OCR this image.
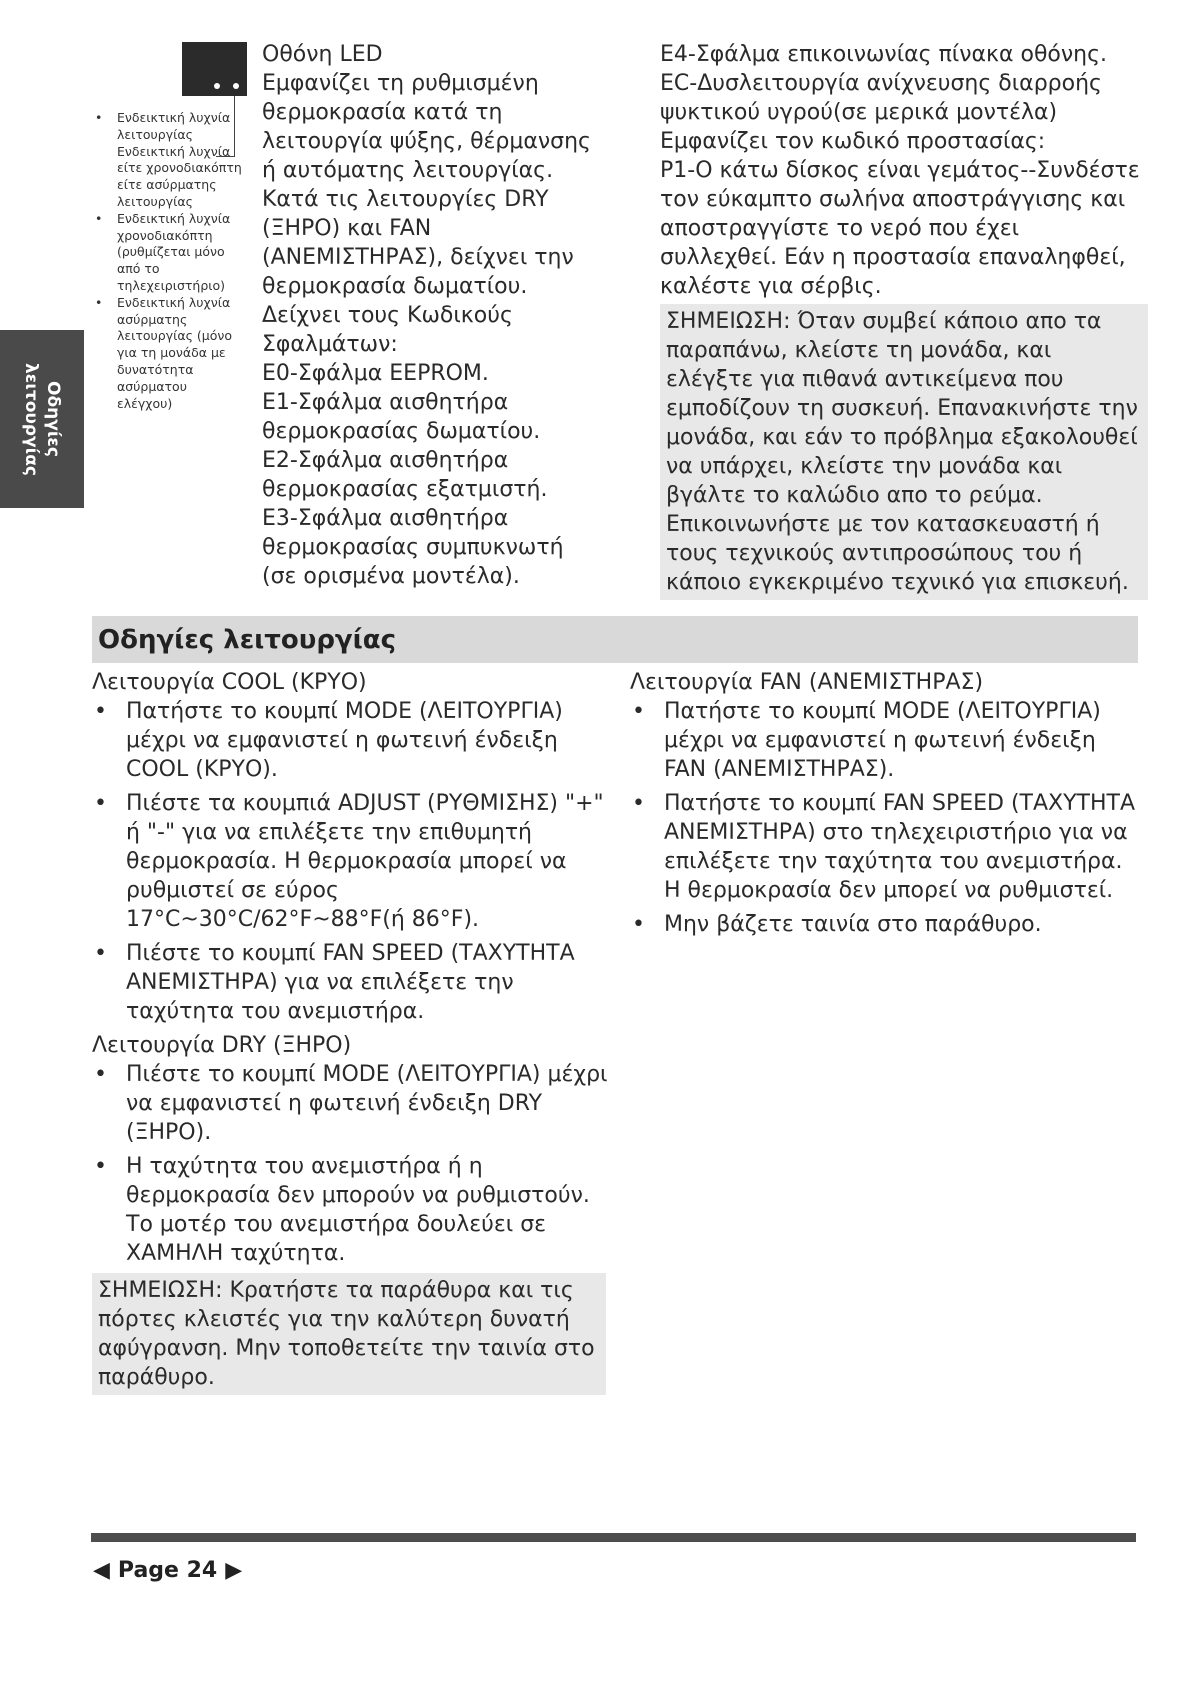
Οδηγίες
λειτουργίας
• Ενδεικτική λυχνία λειτουργίας Ενδεικτική λυχνία είτε χρονοδιακόπτη είτε ασύρματης λειτουργίας
• Ενδεικτική λυχνία χρονοδιακόπτη (ρυθμίζεται μόνο από το τηλεχειριστήριο)
• Ενδεικτική λυχνία ασύρματης λειτουργίας (μόνο για τη μονάδα με δυνατότητα ασύρματου ελέγχου)

Οθόνη LED
Εμφανίζει τη ρυθμισμένη θερμοκρασία κατά τη λειτουργία ψύξης, θέρμανσης ή αυτόματης λειτουργίας. Κατά τις λειτουργίες DRY (ΞΗΡΟ) και FAN (ΑΝΕΜΙΣΤΗΡΑΣ), δείχνει την θερμοκρασία δωματίου. Δείχνει τους Κωδικούς Σφαλμάτων:
E0-Σφάλμα EEPROM.
E1-Σφάλμα αισθητήρα θερμοκρασίας δωματίου.
E2-Σφάλμα αισθητήρα θερμοκρασίας εξατμιστή.
E3-Σφάλμα αισθητήρα θερμοκρασίας συμπυκνωτή (σε ορισμένα μοντέλα).

E4-Σφάλμα επικοινωνίας πίνακα οθόνης.
EC-Δυσλειτουργία ανίχνευσης διαρροής ψυκτικού υγρού(σε μερικά μοντέλα)
Εμφανίζει τον κωδικό προστασίας:
P1-Ο κάτω δίσκος είναι γεμάτος--Συνδέστε τον εύκαμπτο σωλήνα αποστράγγισης και αποστραγγίστε το νερό που έχει συλλεχθεί. Εάν η προστασία επαναληφθεί, καλέστε για σέρβις.

ΣΗΜΕΙΩΣΗ: Όταν συμβεί κάποιο απο τα παραπάνω, κλείστε τη μονάδα, και ελέγξτε για πιθανά αντικείμενα που εμποδίζουν τη συσκευή. Επανακινήστε την μονάδα, και εάν το πρόβλημα εξακολουθεί να υπάρχει, κλείστε την μονάδα και βγάλτε το καλώδιο απο το ρεύμα. Επικοινωνήστε με τον κατασκευαστή ή τους τεχνικούς αντιπροσώπους του ή κάποιο εγκεκριμένο τεχνικό για επισκευή.

Οδηγίες λειτουργίας

Λειτουργία COOL (ΚΡΥΟ)

• Πατήστε το κουμπί MODE (ΛΕΙΤΟΥΡΓΙΑ) μέχρι να εμφανιστεί η φωτεινή ένδειξη COOL (ΚΡΥΟ).
• Πιέστε τα κουμπιά ADJUST (ΡΥΘΜΙΣΗΣ) "+" ή "-" για να επιλέξετε την επιθυμητή θερμοκρασία. Η θερμοκρασία μπορεί να ρυθμιστεί σε εύρος 17°C~30°C/62°F~88°F(ή 86°F).
• Πιέστε το κουμπί FAN SPEED (ΤΑΧΥΤΗΤΑ ΑΝΕΜΙΣΤΗΡΑ) για να επιλέξετε την ταχύτητα του ανεμιστήρα.

Λειτουργία DRY (ΞΗΡΟ)

• Πιέστε το κουμπί MODE (ΛΕΙΤΟΥΡΓΙΑ) μέχρι να εμφανιστεί η φωτεινή ένδειξη DRY (ΞΗΡΟ).
• Η ταχύτητα του ανεμιστήρα ή η θερμοκρασία δεν μπορούν να ρυθμιστούν. Το μοτέρ του ανεμιστήρα δουλεύει σε ΧΑΜΗΛΗ ταχύτητα.

ΣΗΜΕΙΩΣΗ: Κρατήστε τα παράθυρα και τις πόρτες κλειστές για την καλύτερη δυνατή αφύγρανση. Μην τοποθετείτε την ταινία στο παράθυρο.

Λειτουργία FAN (ΑΝΕΜΙΣΤΗΡΑΣ)

• Πατήστε το κουμπί MODE (ΛΕΙΤΟΥΡΓΙΑ) μέχρι να εμφανιστεί η φωτεινή ένδειξη FAN (ΑΝΕΜΙΣΤΗΡΑΣ).
• Πατήστε το κουμπί FAN SPEED (ΤΑΧΥΤΗΤΑ ΑΝΕΜΙΣΤΗΡΑ) στο τηλεχειριστήριο για να επιλέξετε την ταχύτητα του ανεμιστήρα. Η θερμοκρασία δεν μπορεί να ρυθμιστεί.
• Μην βάζετε ταινία στο παράθυρο.
◀ Page 24 ▶
